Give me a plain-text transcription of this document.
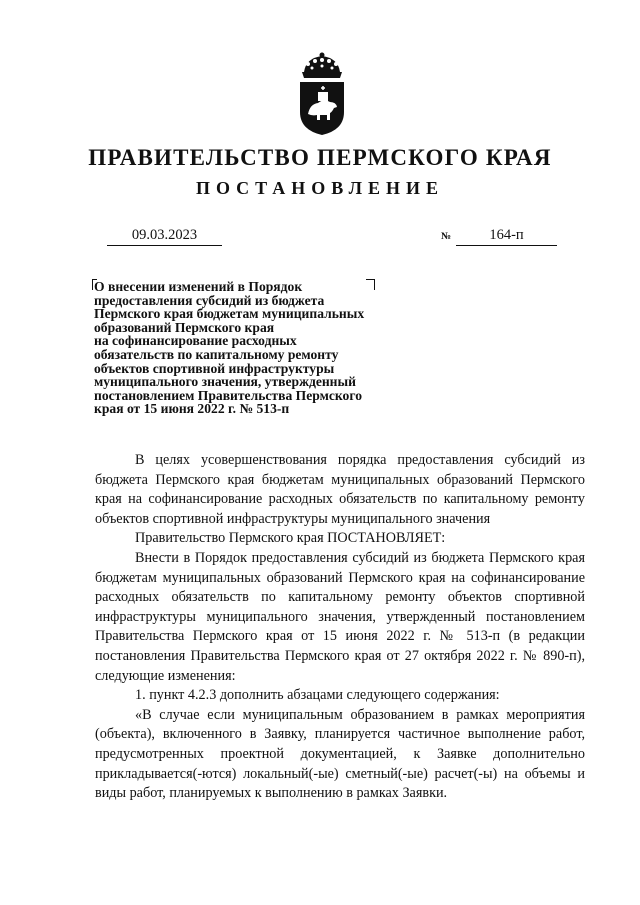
ПРАВИТЕЛЬСТВО ПЕРМСКОГО КРАЯ
ПОСТАНОВЛЕНИЕ
09.03.2023	№	164-п
О внесении изменений в Порядок
предоставления субсидий из бюджета
Пермского края бюджетам муниципальных
образований Пермского края
на софинансирование расходных
обязательств по капитальному ремонту
объектов спортивной инфраструктуры
муниципального значения, утвержденный
постановлением Правительства Пермского
края от 15 июня 2022 г. № 513-п

В целях усовершенствования порядка предоставления субсидий из бюджета Пермского края бюджетам муниципальных образований Пермского края на софинансирование расходных обязательств по капитальному ремонту объектов спортивной инфраструктуры муниципального значения

Правительство Пермского края ПОСТАНОВЛЯЕТ:

Внести в Порядок предоставления субсидий из бюджета Пермского края бюджетам муниципальных образований Пермского края на софинансирование расходных обязательств по капитальному ремонту объектов спортивной инфраструктуры муниципального значения, утвержденный постановлением Правительства Пермского края от 15 июня 2022 г. № 513-п (в редакции постановления Правительства Пермского края от 27 октября 2022 г. № 890-п), следующие изменения:

1. пункт 4.2.3 дополнить абзацами следующего содержания:

«В случае если муниципальным образованием в рамках мероприятия (объекта), включенного в Заявку, планируется частичное выполнение работ, предусмотренных проектной документацией, к Заявке дополнительно прикладывается(-ются) локальный(-ые) сметный(-ые) расчет(-ы) на объемы и виды работ, планируемых к выполнению в рамках Заявки.
